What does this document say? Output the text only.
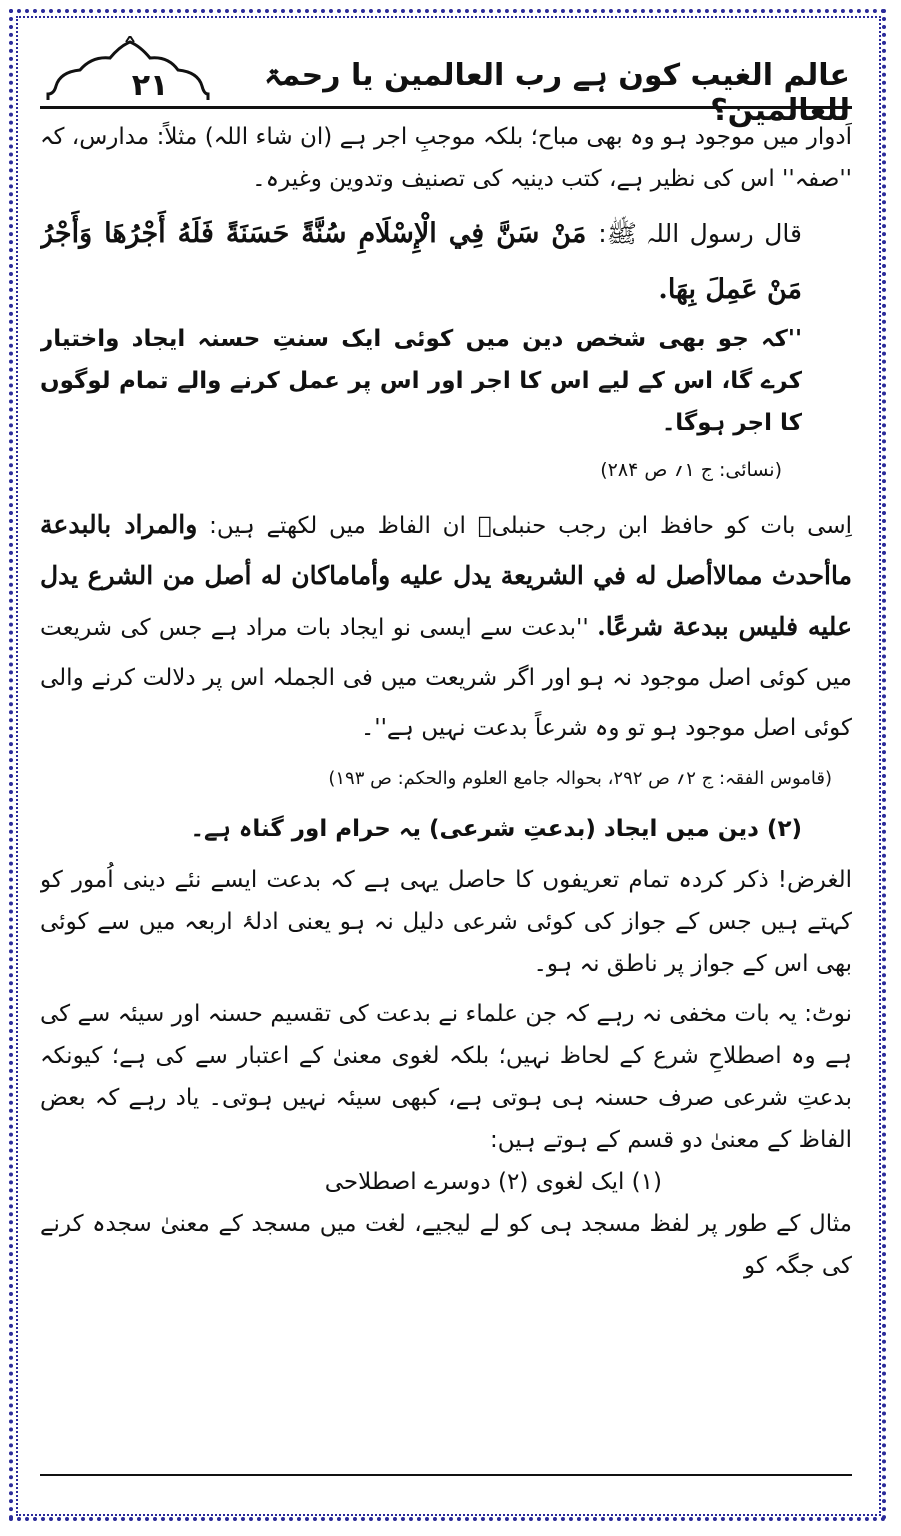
۲۱	عالم الغیب کون ہے رب العالمین یا رحمۃ للعالمین؟

اَدوار میں موجود ہو وہ بھی مباح؛ بلکہ موجبِ اجر ہے (ان شاء اللہ) مثلاً: مدارس، کہ ''صفہ'' اس کی نظیر ہے، کتب دینیہ کی تصنیف وتدوین وغیرہ۔

قال رسول اللہ ﷺ: مَنْ سَنَّ فِي الْإِسْلَامِ سُنَّةً حَسَنَةً فَلَهُ أَجْرُهَا وَأَجْرُ مَنْ عَمِلَ بِهَا.

''کہ جو بھی شخص دین میں کوئی ایک سنتِ حسنہ ایجاد واختیار کرے گا، اس کے لیے اس کا اجر اور اس پر عمل کرنے والے تمام لوگوں کا اجر ہوگا۔

(نسائی: ج ۱؍ ص ۲۸۴)

اِسی بات کو حافظ ابن رجب حنبلیؒ ان الفاظ میں لکھتے ہیں: والمراد بالبدعة ماأحدث ممالاأصل له في الشريعة يدل عليه وأماماكان له أصل من الشرع يدل عليه فليس ببدعة شرعًا. ''بدعت سے ایسی نو ایجاد بات مراد ہے جس کی شریعت میں کوئی اصل موجود نہ ہو اور اگر شریعت میں فی الجملہ اس پر دلالت کرنے والی کوئی اصل موجود ہو تو وہ شرعاً بدعت نہیں ہے''۔

(قاموس الفقہ: ج ۲؍ ص ۲۹۲، بحوالہ جامع العلوم والحکم: ص ۱۹۳)

(۲) دین میں ایجاد (بدعتِ شرعی) یہ حرام اور گناہ ہے۔

الغرض! ذکر کردہ تمام تعریفوں کا حاصل یہی ہے کہ بدعت ایسے نئے دینی اُمور کو کہتے ہیں جس کے جواز کی کوئی شرعی دلیل نہ ہو یعنی ادلۂ اربعہ میں سے کوئی بھی اس کے جواز پر ناطق نہ ہو۔

نوٹ: یہ بات مخفی نہ رہے کہ جن علماء نے بدعت کی تقسیم حسنہ اور سیئہ سے کی ہے وہ اصطلاحِ شرع کے لحاظ نہیں؛ بلکہ لغوی معنیٰ کے اعتبار سے کی ہے؛ کیونکہ بدعتِ شرعی صرف حسنہ ہی ہوتی ہے، کبھی سیئہ نہیں ہوتی۔ یاد رہے کہ بعض الفاظ کے معنیٰ دو قسم کے ہوتے ہیں:

(۱) ایک لغوی (۲) دوسرے اصطلاحی

مثال کے طور پر لفظ مسجد ہی کو لے لیجیے، لغت میں مسجد کے معنیٰ سجدہ کرنے کی جگہ کو
